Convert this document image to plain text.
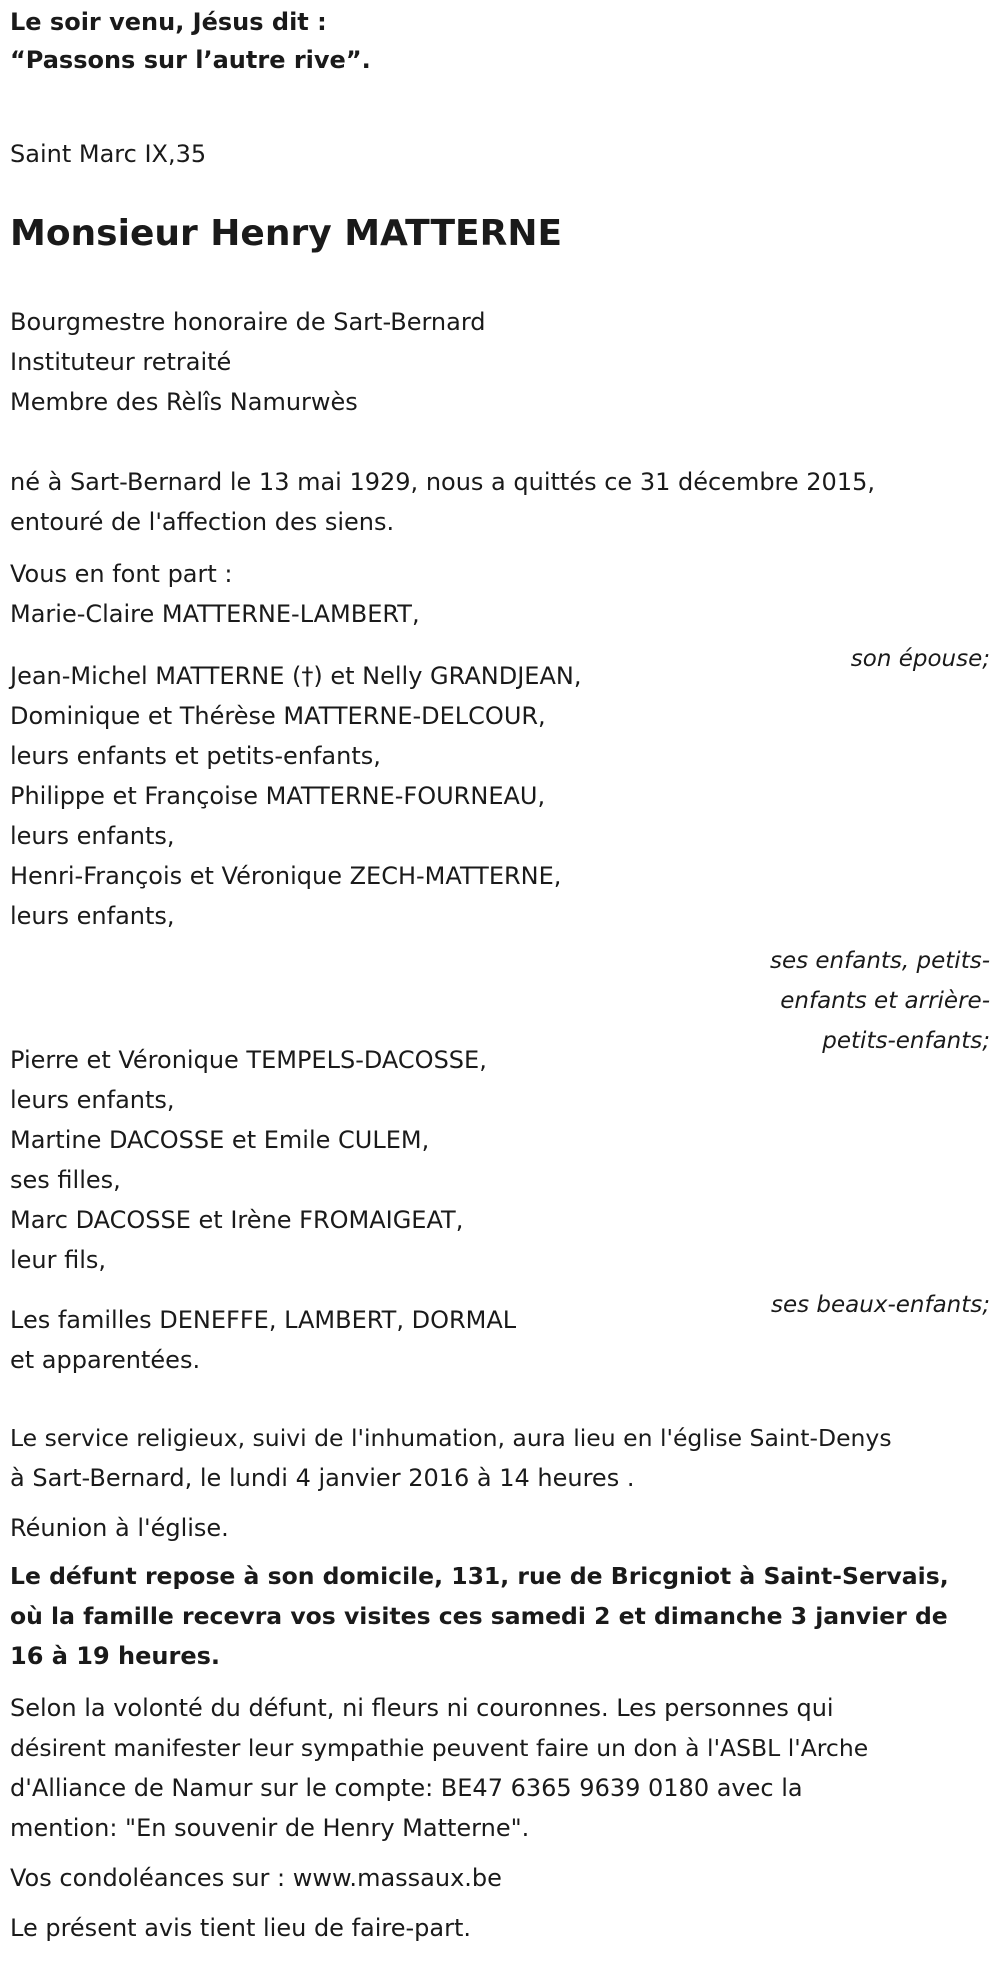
Le soir venu, Jésus dit :

“Passons sur l’autre rive”.

Saint Marc IX,35

Monsieur Henry MATTERNE

Bourgmestre honoraire de Sart-Bernard

Instituteur retraité

Membre des Rèlîs Namurwès

né à Sart-Bernard le 13 mai 1929, nous a quittés ce 31 décembre 2015,

entouré de l'affection des siens.

Vous en font part :

Marie-Claire MATTERNE-LAMBERT,

son épouse;

Jean-Michel MATTERNE (†) et Nelly GRANDJEAN,

Dominique et Thérèse MATTERNE-DELCOUR,

leurs enfants et petits-enfants,

Philippe et Françoise MATTERNE-FOURNEAU,

leurs enfants,

Henri-François et Véronique ZECH-MATTERNE,

leurs enfants,

ses enfants, petits-

enfants et arrière-

petits-enfants;

Pierre et Véronique TEMPELS-DACOSSE,

leurs enfants,

Martine DACOSSE et Emile CULEM,

ses filles,

Marc DACOSSE et Irène FROMAIGEAT,

leur fils,

ses beaux-enfants;

Les familles DENEFFE, LAMBERT, DORMAL

et apparentées.

Le service religieux, suivi de l'inhumation, aura lieu en l'église Saint-Denys

à Sart-Bernard, le lundi 4 janvier 2016 à 14 heures .

Réunion à l'église.

Le défunt repose à son domicile, 131, rue de Bricgniot à Saint-Servais,

où la famille recevra vos visites ces samedi 2 et dimanche 3 janvier de

16 à 19 heures.

Selon la volonté du défunt, ni fleurs ni couronnes. Les personnes qui

désirent manifester leur sympathie peuvent faire un don à l'ASBL l'Arche

d'Alliance de Namur sur le compte: BE47 6365 9639 0180 avec la

mention: "En souvenir de Henry Matterne".

Vos condoléances sur : www.massaux.be

Le présent avis tient lieu de faire-part.
